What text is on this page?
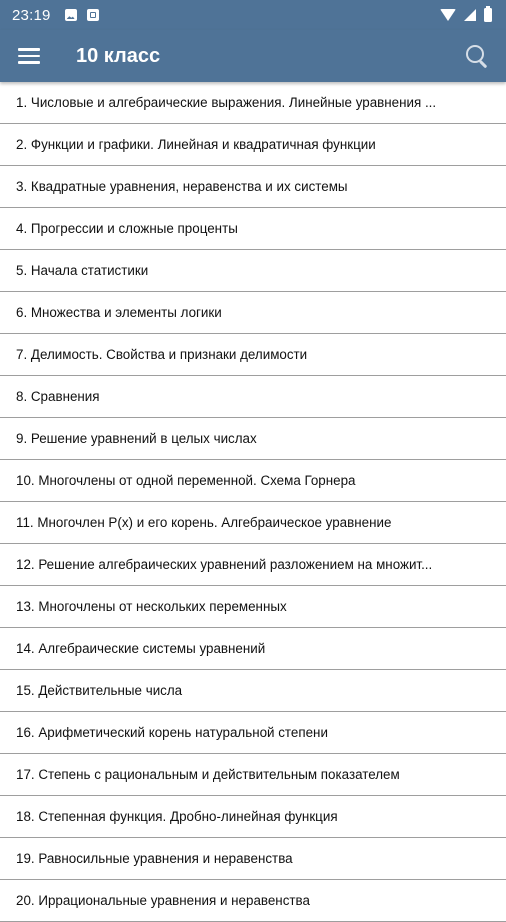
23:19
10 класс
1. Числовые и алгебраические выражения. Линейные уравнения ...
2. Функции и графики. Линейная и квадратичная функции
3. Квадратные уравнения, неравенства и их системы
4. Прогрессии и сложные проценты
5. Начала статистики
6. Множества и элементы логики
7. Делимость. Свойства и признаки делимости
8. Сравнения
9. Решение уравнений в целых числах
10. Многочлены от одной переменной. Схема Горнера
11. Многочлен P(x) и его корень. Алгебраическое уравнение
12. Решение алгебраических уравнений разложением на множит...
13. Многочлены от нескольких переменных
14. Алгебраические системы уравнений
15. Действительные числа
16. Арифметический корень натуральной степени
17. Степень с рациональным и действительным показателем
18. Степенная функция. Дробно-линейная функция
19. Равносильные уравнения и неравенства
20. Иррациональные уравнения и неравенства
